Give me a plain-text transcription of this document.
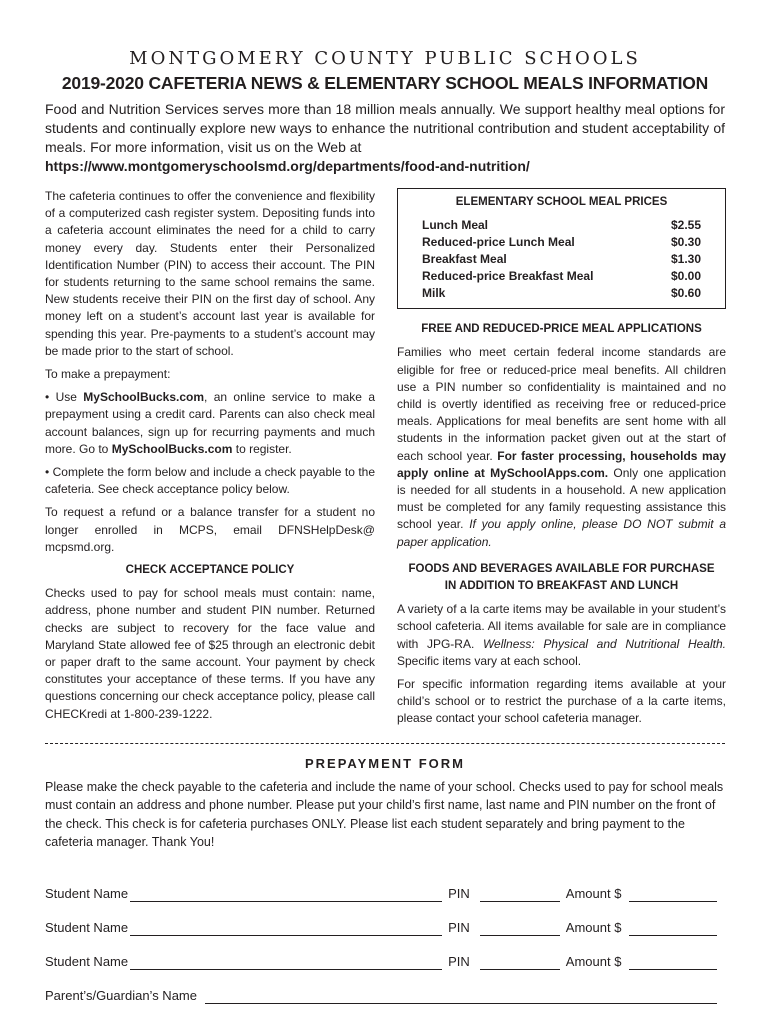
MONTGOMERY COUNTY PUBLIC SCHOOLS
2019-2020 CAFETERIA NEWS & ELEMENTARY SCHOOL MEALS INFORMATION
Food and Nutrition Services serves more than 18 million meals annually. We support healthy meal options for students and continually explore new ways to enhance the nutritional contribution and student acceptability of meals. For more information, visit us on the Web at
https://www.montgomeryschoolsmd.org/departments/food-and-nutrition/

The cafeteria continues to offer the convenience and flexibility of a computerized cash register system. Depositing funds into a cafeteria account eliminates the need for a child to carry money every day. Students enter their Personalized Identification Number (PIN) to access their account. The PIN for students returning to the same school remains the same. New students receive their PIN on the first day of school. Any money left on a student’s account last year is available for spending this year. Pre-payments to a student’s account may be made prior to the start of school.

To make a prepayment:

• Use MySchoolBucks.com, an online service to make a prepayment using a credit card. Parents can also check meal account balances, sign up for recurring payments and much more. Go to MySchoolBucks.com to register.

• Complete the form below and include a check payable to the cafeteria. See check acceptance policy below.

To request a refund or a balance transfer for a student no longer enrolled in MCPS, email DFNSHelpDesk@ mcpsmd.org.

CHECK ACCEPTANCE POLICY

Checks used to pay for school meals must contain: name, address, phone number and student PIN number. Returned checks are subject to recovery for the face value and Maryland State allowed fee of $25 through an electronic debit or paper draft to the same account. Your payment by check constitutes your acceptance of these terms. If you have any questions concerning our check acceptance policy, please call CHECKredi at 1-800-239-1222.

ELEMENTARY SCHOOL MEAL PRICES
Lunch Meal	$2.55
Reduced-price Lunch Meal	$0.30
Breakfast Meal	$1.30
Reduced-price Breakfast Meal	$0.00
Milk	$0.60
FREE AND REDUCED-PRICE MEAL APPLICATIONS

Families who meet certain federal income standards are eligible for free or reduced-price meal benefits. All children use a PIN number so confidentiality is maintained and no child is overtly identified as receiving free or reduced-price meals. Applications for meal benefits are sent home with all students in the information packet given out at the start of each school year. For faster processing, households may apply online at MySchoolApps.com. Only one application is needed for all students in a household. A new application must be completed for any family requesting assistance this school year. If you apply online, please DO NOT submit a paper application.

FOODS AND BEVERAGES AVAILABLE FOR PURCHASE
IN ADDITION TO BREAKFAST AND LUNCH

A variety of a la carte items may be available in your student’s school cafeteria. All items available for sale are in compliance with JPG-RA. Wellness: Physical and Nutritional Health. Specific items vary at each school.

For specific information regarding items available at your child’s school or to restrict the purchase of a la carte items, please contact your school cafeteria manager.

PREPAYMENT FORM
Please make the check payable to the cafeteria and include the name of your school. Checks used to pay for school meals must contain an address and phone number. Please put your child’s first name, last name and PIN number on the front of the check. This check is for cafeteria purchases ONLY. Please list each student separately and bring payment to the cafeteria manager. Thank You!
Student Name	PIN	Amount $
Student Name	PIN	Amount $
Student Name	PIN	Amount $
Parent’s/Guardian’s Name
